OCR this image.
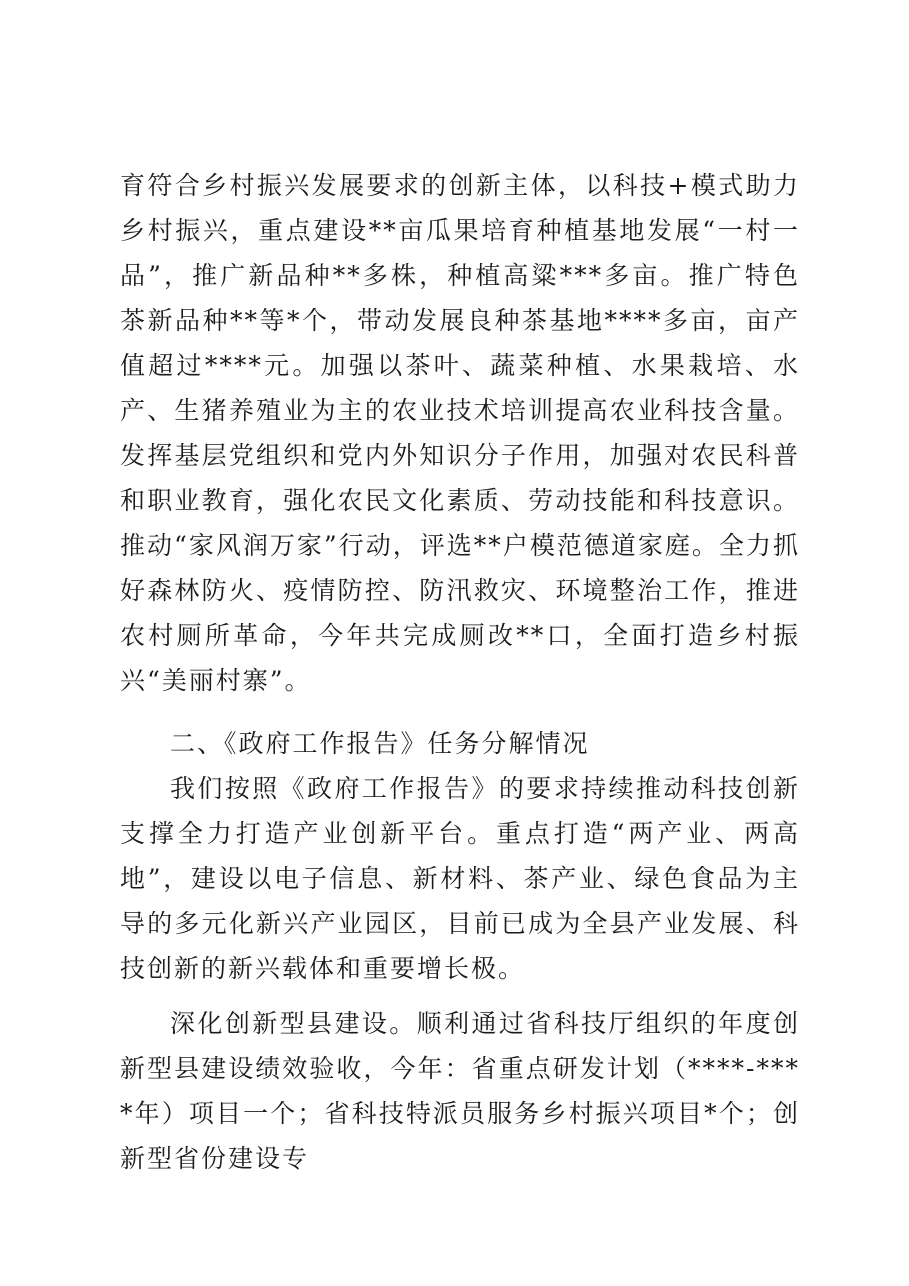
育符合乡村振兴发展要求的创新主体，以科技+模式助力乡村振兴，重点建设**亩瓜果培育种植基地发展“一村一品”，推广新品种**多株，种植高粱***多亩。推广特色茶新品种**等*个，带动发展良种茶基地****多亩，亩产值超过****元。加强以茶叶、蔬菜种植、水果栽培、水产、生猪养殖业为主的农业技术培训提高农业科技含量。发挥基层党组织和党内外知识分子作用，加强对农民科普和职业教育，强化农民文化素质、劳动技能和科技意识。推动“家风润万家”行动，评选**户模范德道家庭。全力抓好森林防火、疫情防控、防汛救灾、环境整治工作，推进农村厕所革命，今年共完成厕改**口，全面打造乡村振兴“美丽村寨”。

二、《政府工作报告》任务分解情况

我们按照《政府工作报告》的要求持续推动科技创新支撑全力打造产业创新平台。重点打造“两产业、两高地”，建设以电子信息、新材料、茶产业、绿色食品为主导的多元化新兴产业园区，目前已成为全县产业发展、科技创新的新兴载体和重要增长极。

深化创新型县建设。顺利通过省科技厅组织的年度创新型县建设绩效验收，今年：省重点研发计划（****-****年）项目一个；省科技特派员服务乡村振兴项目*个；创新型省份建设专
